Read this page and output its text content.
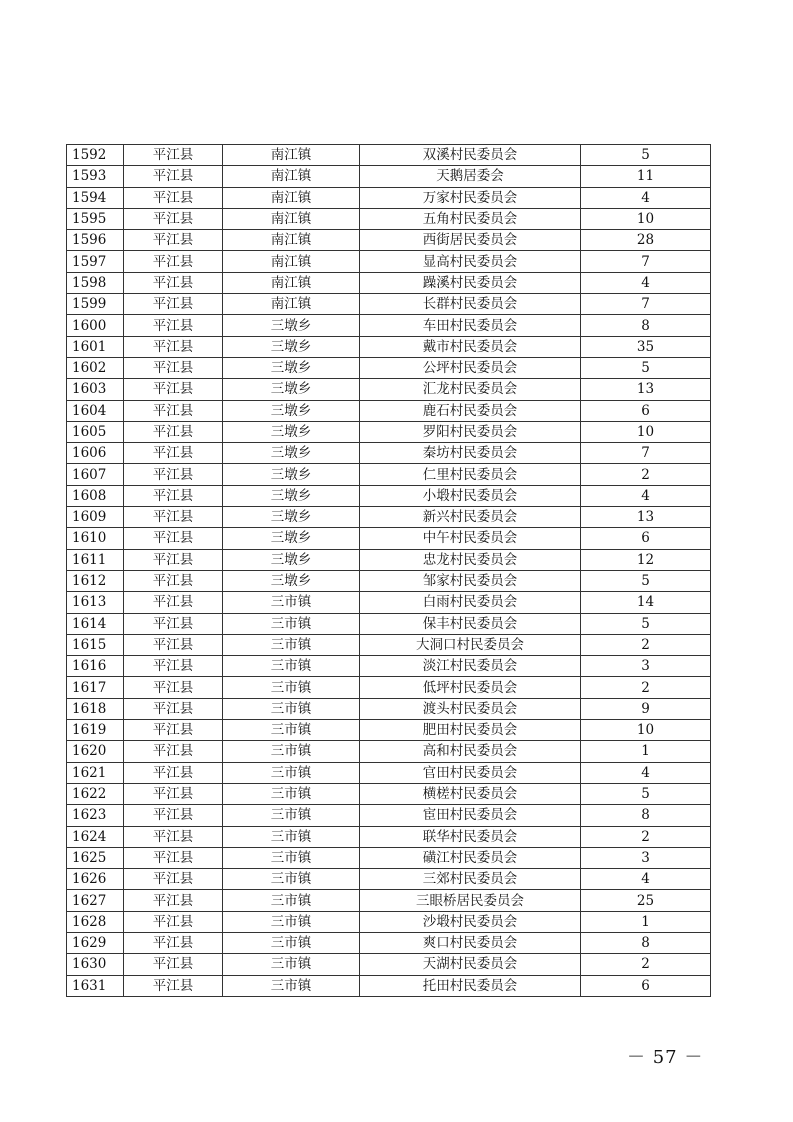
1592	平江县	南江镇	双溪村民委员会	5
1593	平江县	南江镇	天鹅居委会	11
1594	平江县	南江镇	万家村民委员会	4
1595	平江县	南江镇	五角村民委员会	10
1596	平江县	南江镇	西街居民委员会	28
1597	平江县	南江镇	显高村民委员会	7
1598	平江县	南江镇	躁溪村民委员会	4
1599	平江县	南江镇	长群村民委员会	7
1600	平江县	三墩乡	车田村民委员会	8
1601	平江县	三墩乡	戴市村民委员会	35
1602	平江县	三墩乡	公坪村民委员会	5
1603	平江县	三墩乡	汇龙村民委员会	13
1604	平江县	三墩乡	鹿石村民委员会	6
1605	平江县	三墩乡	罗阳村民委员会	10
1606	平江县	三墩乡	秦坊村民委员会	7
1607	平江县	三墩乡	仁里村民委员会	2
1608	平江县	三墩乡	小塅村民委员会	4
1609	平江县	三墩乡	新兴村民委员会	13
1610	平江县	三墩乡	中午村民委员会	6
1611	平江县	三墩乡	忠龙村民委员会	12
1612	平江县	三墩乡	邹家村民委员会	5
1613	平江县	三市镇	白雨村民委员会	14
1614	平江县	三市镇	保丰村民委员会	5
1615	平江县	三市镇	大洞口村民委员会	2
1616	平江县	三市镇	淡江村民委员会	3
1617	平江县	三市镇	低坪村民委员会	2
1618	平江县	三市镇	渡头村民委员会	9
1619	平江县	三市镇	肥田村民委员会	10
1620	平江县	三市镇	高和村民委员会	1
1621	平江县	三市镇	官田村民委员会	4
1622	平江县	三市镇	横槎村民委员会	5
1623	平江县	三市镇	宦田村民委员会	8
1624	平江县	三市镇	联华村民委员会	2
1625	平江县	三市镇	磺江村民委员会	3
1626	平江县	三市镇	三郊村民委员会	4
1627	平江县	三市镇	三眼桥居民委员会	25
1628	平江县	三市镇	沙塅村民委员会	1
1629	平江县	三市镇	爽口村民委员会	8
1630	平江县	三市镇	天湖村民委员会	2
1631	平江县	三市镇	托田村民委员会	6
－ 57 －
